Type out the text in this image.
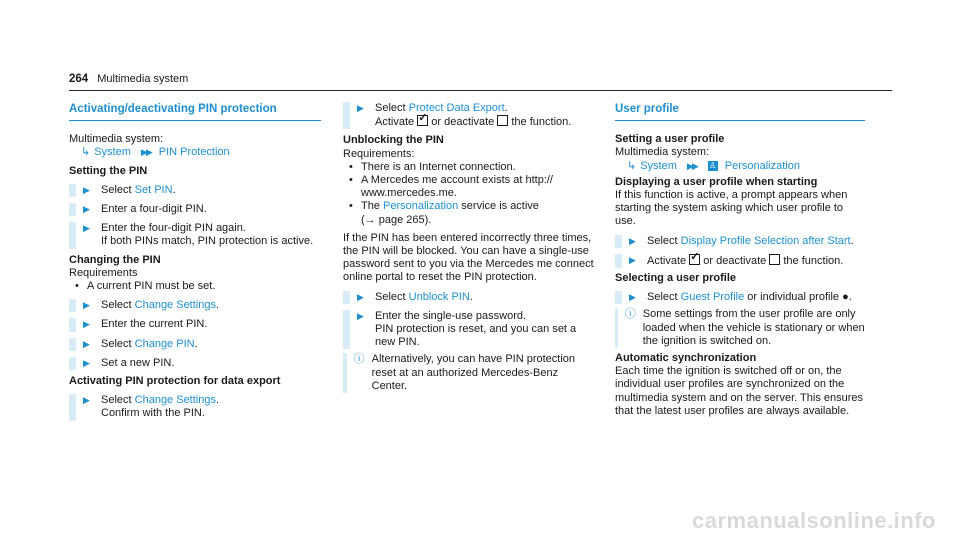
264 Multimedia system
Activating/deactivating PIN protection

Multimedia system:

↳ System ▶▶ PIN Protection

Setting the PIN

▶	Select Set PIN.
▶	Enter a four-digit PIN.
▶	Enter the four-digit PIN again.
If both PINs match, PIN protection is active.

Changing the PIN

Requirements

• A current PIN must be set.
▶	Select Change Settings.
▶	Enter the current PIN.
▶	Select Change PIN.
▶	Set a new PIN.

Activating PIN protection for data export

▶	Select Change Settings.
Confirm with the PIN.
▶	Select Protect Data Export.
Activate ✓ or deactivate the function.

Unblocking the PIN

Requirements:

• There is an Internet connection.
• A Mercedes me account exists at http://
www.mercedes.me.
• The Personalization service is active
(→ page 265).

If the PIN has been entered incorrectly three times, the PIN will be blocked. You can have a single-use password sent to you via the Mercedes me connect online portal to reset the PIN protection.

▶	Select Unblock PIN.
▶	Enter the single-use password.
PIN protection is reset, and you can set a new PIN.
ⓘ Alternatively, you can have PIN protection reset at an authorized Mercedes-Benz Center.
User profile

Setting a user profile

Multimedia system:

↳ System ▶▶ ♙ Personalization

Displaying a user profile when starting

If this function is active, a prompt appears when starting the system asking which user profile to use.

▶	Select Display Profile Selection after Start.
▶	Activate ✓ or deactivate the function.

Selecting a user profile

▶	Select Guest Profile or individual profile ●.
ⓘ Some settings from the user profile are only loaded when the vehicle is stationary or when the ignition is switched on.

Automatic synchronization

Each time the ignition is switched off or on, the individual user profiles are synchronized on the multimedia system and on the server. This ensures that the latest user profiles are always available.

carmanualsonline.info
